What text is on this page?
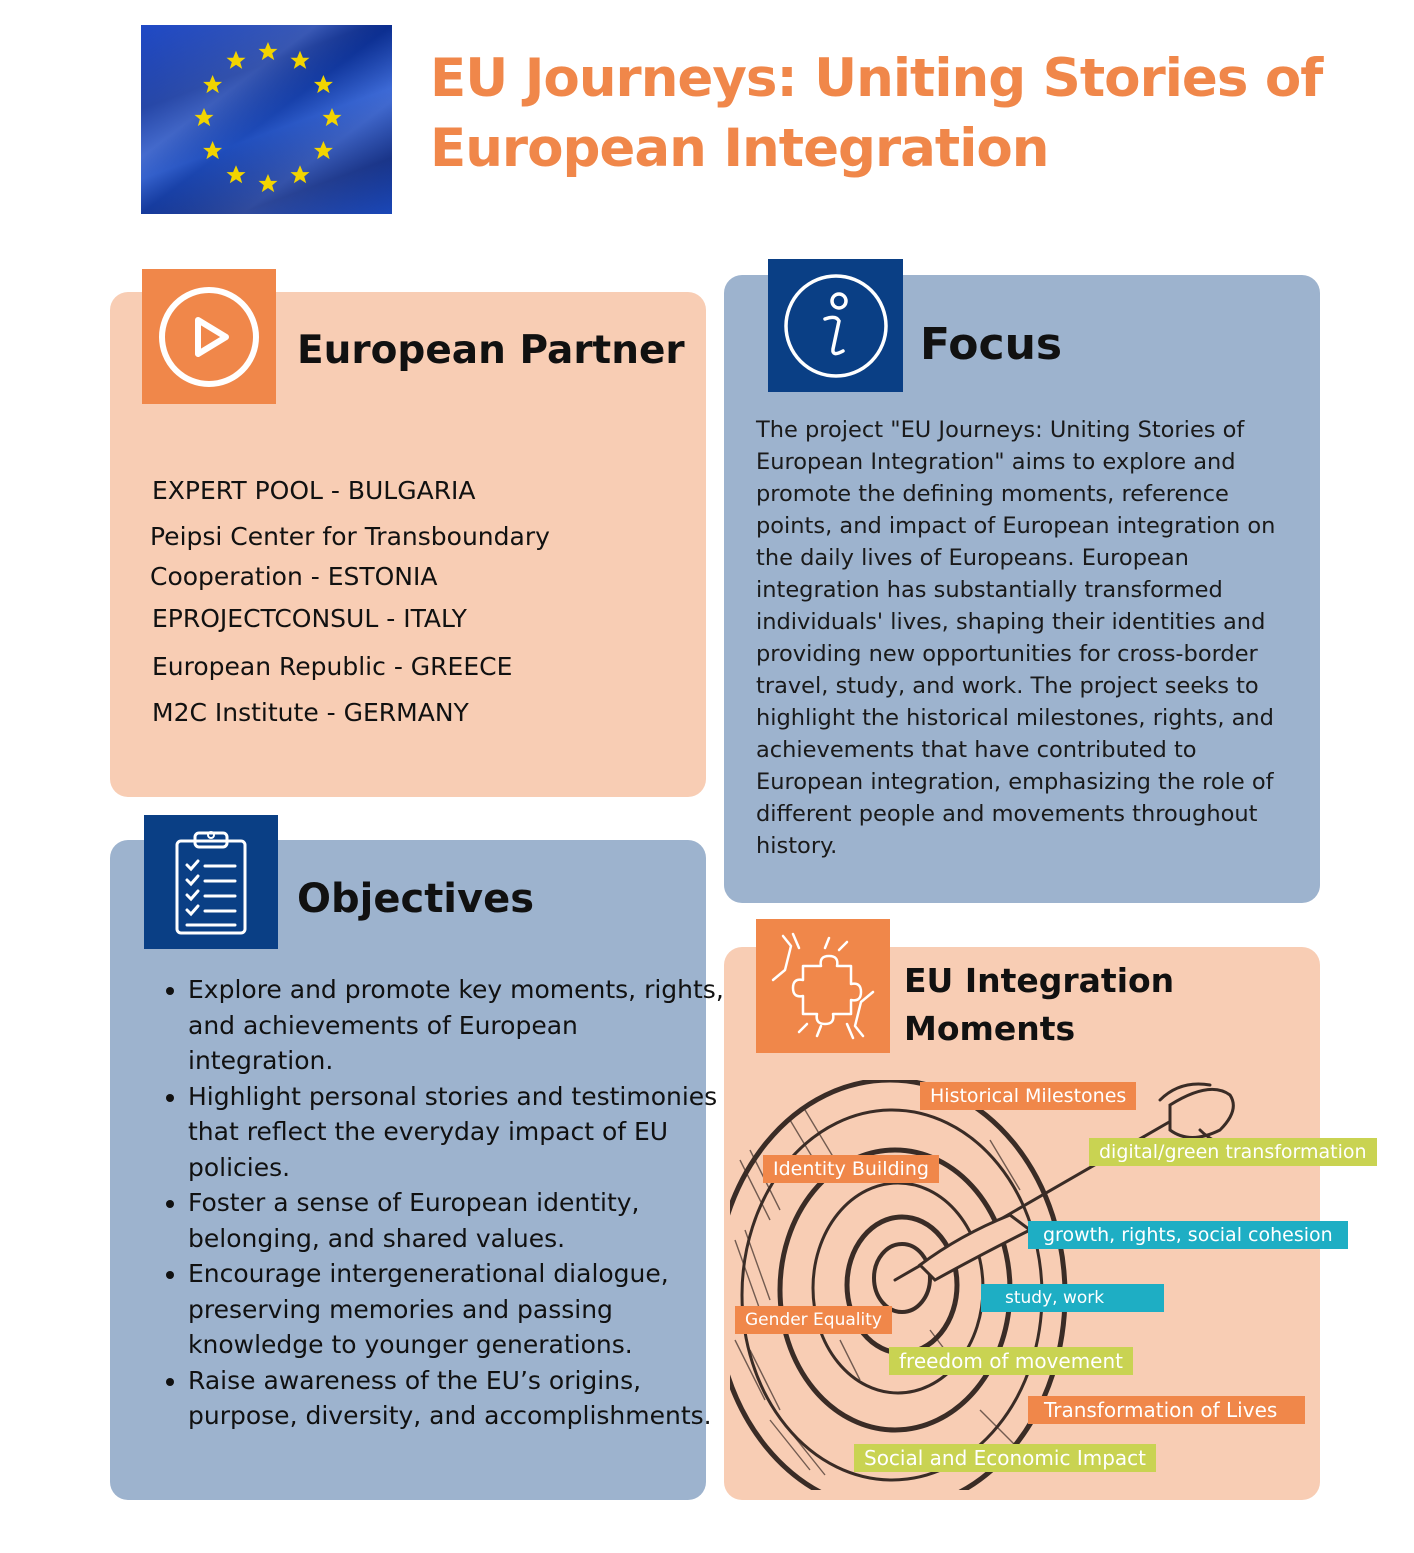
EU Journeys: Uniting Stories of European Integration
European Partner
EXPERT POOL - BULGARIA
Peipsi Center for Transboundary
Cooperation - ESTONIA
EPROJECTCONSUL - ITALY
European Republic - GREECE
M2C Institute - GERMANY
Focus
The project "EU Journeys: Uniting Stories of European Integration" aims to explore and promote the defining moments, reference points, and impact of European integration on the daily lives of Europeans. European integration has substantially transformed individuals' lives, shaping their identities and providing new opportunities for cross-border travel, study, and work. The project seeks to highlight the historical milestones, rights, and achievements that have contributed to European integration, emphasizing the role of different people and movements throughout history.
Objectives
• Explore and promote key moments, rights, and achievements of European integration.
• Highlight personal stories and testimonies that reflect the everyday impact of EU policies.
• Foster a sense of European identity, belonging, and shared values.
• Encourage intergenerational dialogue, preserving memories and passing knowledge to younger generations.
• Raise awareness of the EU’s origins, purpose, diversity, and accomplishments.
EU Integration
Moments
Historical Milestones
digital/green transformation
Identity Building
growth, rights, social cohesion
study, work
Gender Equality
freedom of movement
Transformation of Lives
Social and Economic Impact
